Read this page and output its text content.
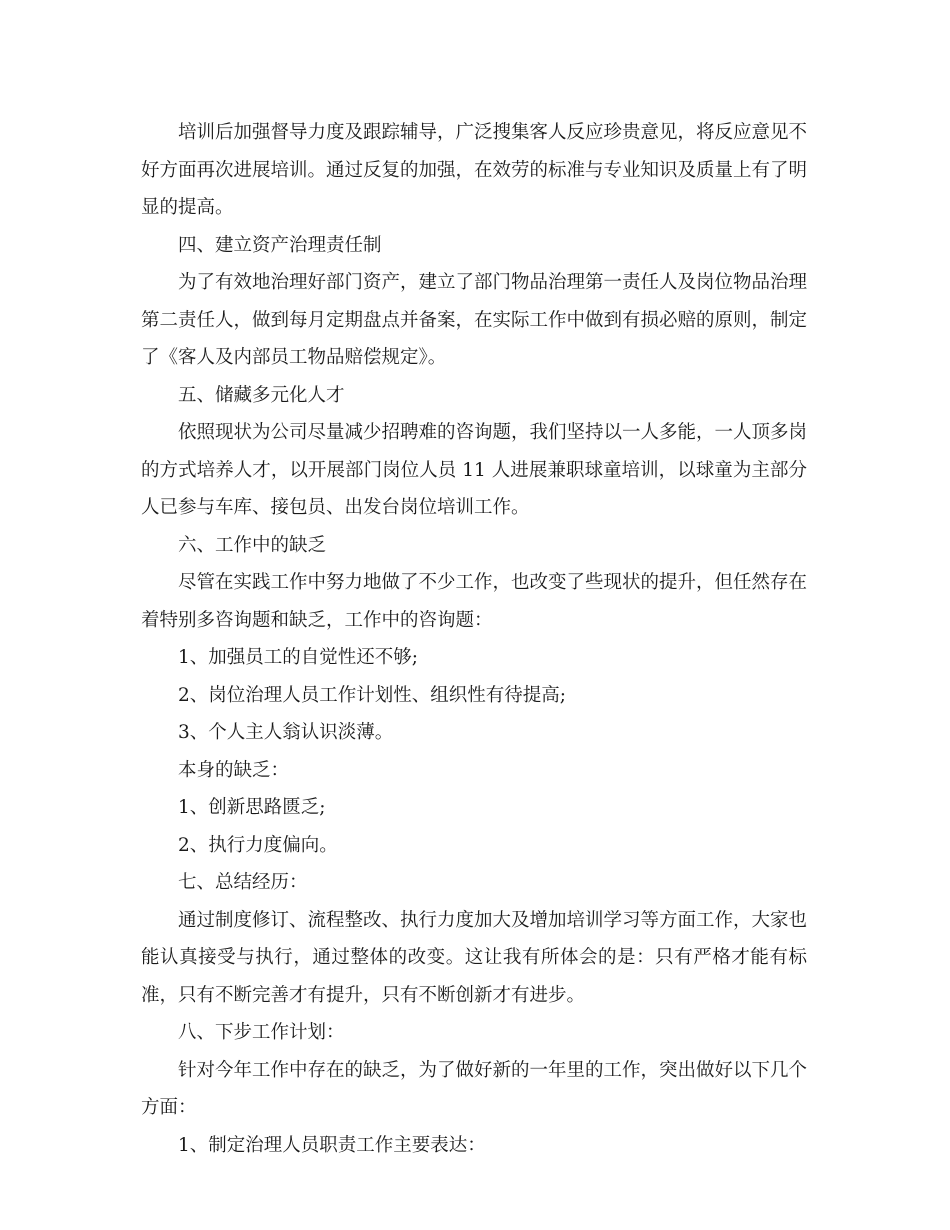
培训后加强督导力度及跟踪辅导，广泛搜集客人反应珍贵意见，将反应意见不好方面再次进展培训。通过反复的加强，在效劳的标准与专业知识及质量上有了明显的提高。

四、建立资产治理责任制

为了有效地治理好部门资产，建立了部门物品治理第一责任人及岗位物品治理第二责任人，做到每月定期盘点并备案，在实际工作中做到有损必赔的原则，制定了《客人及内部员工物品赔偿规定》。

五、储藏多元化人才

依照现状为公司尽量减少招聘难的咨询题，我们坚持以一人多能，一人顶多岗的方式培养人才，以开展部门岗位人员 11 人进展兼职球童培训，以球童为主部分人已参与车库、接包员、出发台岗位培训工作。

六、工作中的缺乏

尽管在实践工作中努力地做了不少工作，也改变了些现状的提升，但任然存在着特别多咨询题和缺乏，工作中的咨询题：

1、加强员工的自觉性还不够;

2、岗位治理人员工作计划性、组织性有待提高;

3、个人主人翁认识淡薄。

本身的缺乏：

1、创新思路匮乏;

2、执行力度偏向。

七、总结经历：

通过制度修订、流程整改、执行力度加大及增加培训学习等方面工作，大家也能认真接受与执行，通过整体的改变。这让我有所体会的是：只有严格才能有标准，只有不断完善才有提升，只有不断创新才有进步。

八、下步工作计划：

针对今年工作中存在的缺乏，为了做好新的一年里的工作，突出做好以下几个方面：

1、制定治理人员职责工作主要表达：
